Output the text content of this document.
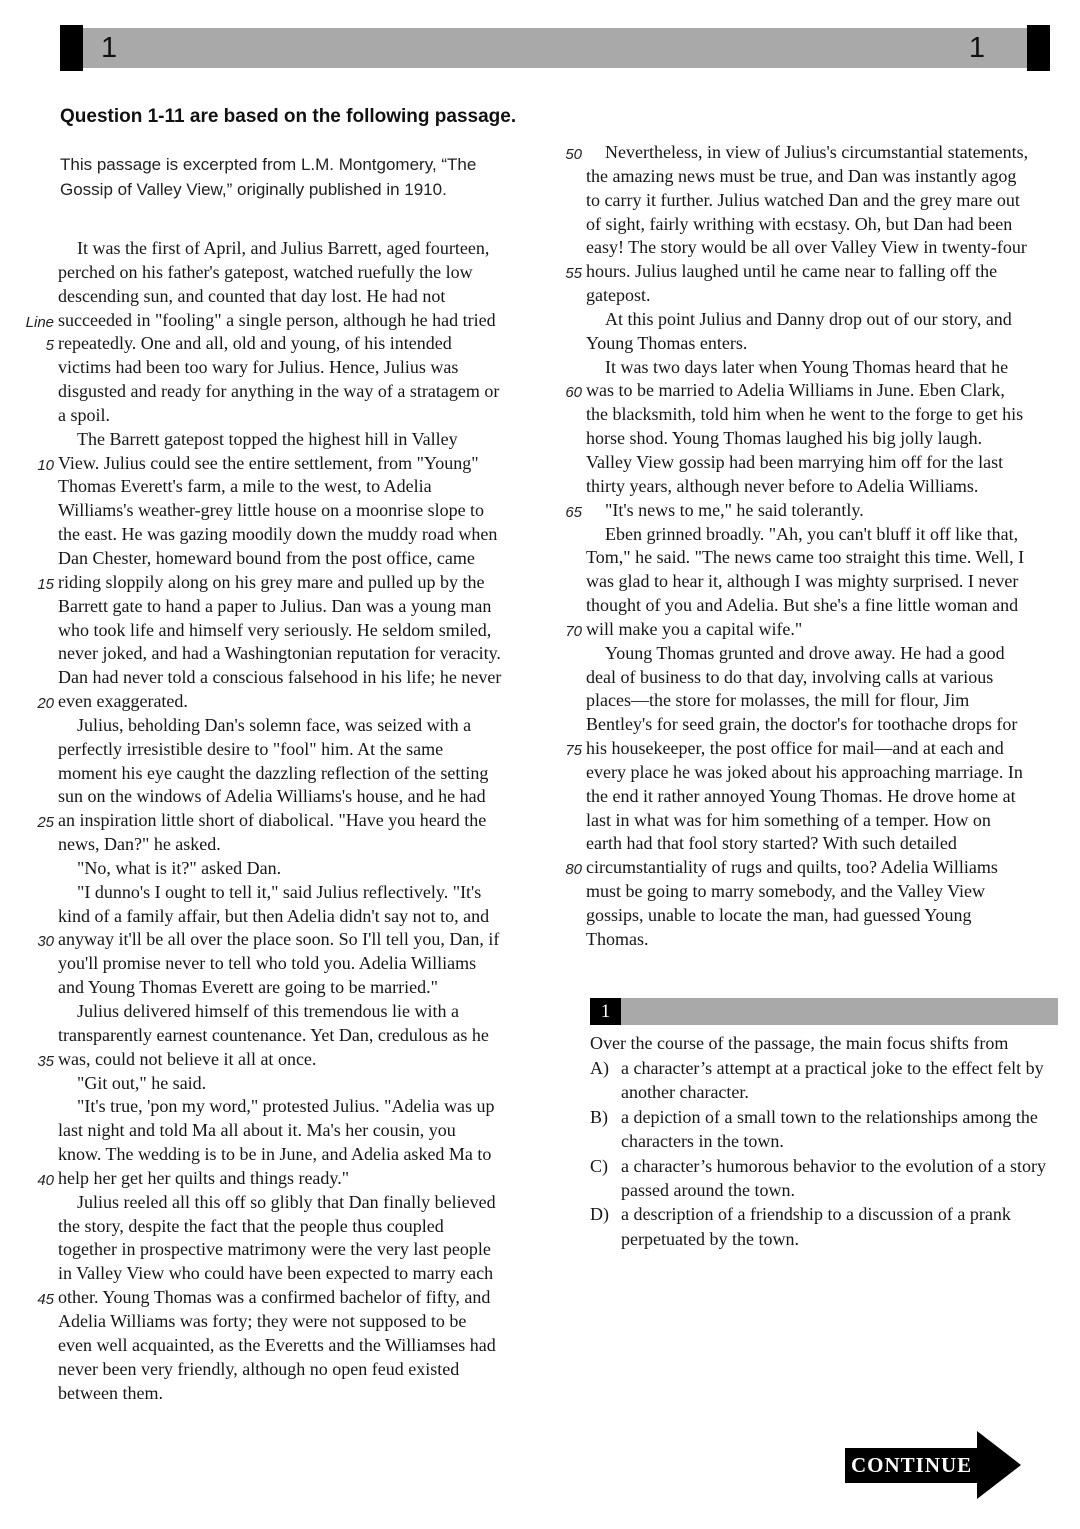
1	1
Question 1-11 are based on the following passage.
This passage is excerpted from L.M. Montgomery, “The Gossip of Valley View,” originally published in 1910.
It was the first of April, and Julius Barrett, aged fourteen,
perched on his father's gatepost, watched ruefully the low
descending sun, and counted that day lost. He had not
Line succeeded in "fooling" a single person, although he had tried
5 repeatedly. One and all, old and young, of his intended
victims had been too wary for Julius. Hence, Julius was
disgusted and ready for anything in the way of a stratagem or
a spoil.
The Barrett gatepost topped the highest hill in Valley
10 View. Julius could see the entire settlement, from "Young"
Thomas Everett's farm, a mile to the west, to Adelia
Williams's weather-grey little house on a moonrise slope to
the east. He was gazing moodily down the muddy road when
Dan Chester, homeward bound from the post office, came
15 riding sloppily along on his grey mare and pulled up by the
Barrett gate to hand a paper to Julius. Dan was a young man
who took life and himself very seriously. He seldom smiled,
never joked, and had a Washingtonian reputation for veracity.
Dan had never told a conscious falsehood in his life; he never
20 even exaggerated.
Julius, beholding Dan's solemn face, was seized with a
perfectly irresistible desire to "fool" him. At the same
moment his eye caught the dazzling reflection of the setting
sun on the windows of Adelia Williams's house, and he had
25 an inspiration little short of diabolical. "Have you heard the
news, Dan?" he asked.
"No, what is it?" asked Dan.
"I dunno's I ought to tell it," said Julius reflectively. "It's
kind of a family affair, but then Adelia didn't say not to, and
30 anyway it'll be all over the place soon. So I'll tell you, Dan, if
you'll promise never to tell who told you. Adelia Williams
and Young Thomas Everett are going to be married."
Julius delivered himself of this tremendous lie with a
transparently earnest countenance. Yet Dan, credulous as he
35 was, could not believe it all at once.
"Git out," he said.
"It's true, 'pon my word," protested Julius. "Adelia was up
last night and told Ma all about it. Ma's her cousin, you
know. The wedding is to be in June, and Adelia asked Ma to
40 help her get her quilts and things ready."
Julius reeled all this off so glibly that Dan finally believed
the story, despite the fact that the people thus coupled
together in prospective matrimony were the very last people
in Valley View who could have been expected to marry each
45 other. Young Thomas was a confirmed bachelor of fifty, and
Adelia Williams was forty; they were not supposed to be
even well acquainted, as the Everetts and the Williamses had
never been very friendly, although no open feud existed
between them.
50	Nevertheless, in view of Julius's circumstantial statements,
the amazing news must be true, and Dan was instantly agog
to carry it further. Julius watched Dan and the grey mare out
of sight, fairly writhing with ecstasy. Oh, but Dan had been
easy! The story would be all over Valley View in twenty-four
55 hours. Julius laughed until he came near to falling off the
gatepost.
At this point Julius and Danny drop out of our story, and
Young Thomas enters.
It was two days later when Young Thomas heard that he
60 was to be married to Adelia Williams in June. Eben Clark,
the blacksmith, told him when he went to the forge to get his
horse shod. Young Thomas laughed his big jolly laugh.
Valley View gossip had been marrying him off for the last
thirty years, although never before to Adelia Williams.
65	"It's news to me," he said tolerantly.
Eben grinned broadly. "Ah, you can't bluff it off like that,
Tom," he said. "The news came too straight this time. Well, I
was glad to hear it, although I was mighty surprised. I never
thought of you and Adelia. But she's a fine little woman and
70 will make you a capital wife."
Young Thomas grunted and drove away. He had a good
deal of business to do that day, involving calls at various
places—the store for molasses, the mill for flour, Jim
Bentley's for seed grain, the doctor's for toothache drops for
75 his housekeeper, the post office for mail—and at each and
every place he was joked about his approaching marriage. In
the end it rather annoyed Young Thomas. He drove home at
last in what was for him something of a temper. How on
earth had that fool story started? With such detailed
80 circumstantiality of rugs and quilts, too? Adelia Williams
must be going to marry somebody, and the Valley View
gossips, unable to locate the man, had guessed Young
Thomas.
1
Over the course of the passage, the main focus shifts from
A) a character’s attempt at a practical joke to the effect felt by another character.
B) a depiction of a small town to the relationships among the characters in the town.
C) a character’s humorous behavior to the evolution of a story passed around the town.
D) a description of a friendship to a discussion of a prank perpetuated by the town.
CONTINUE
